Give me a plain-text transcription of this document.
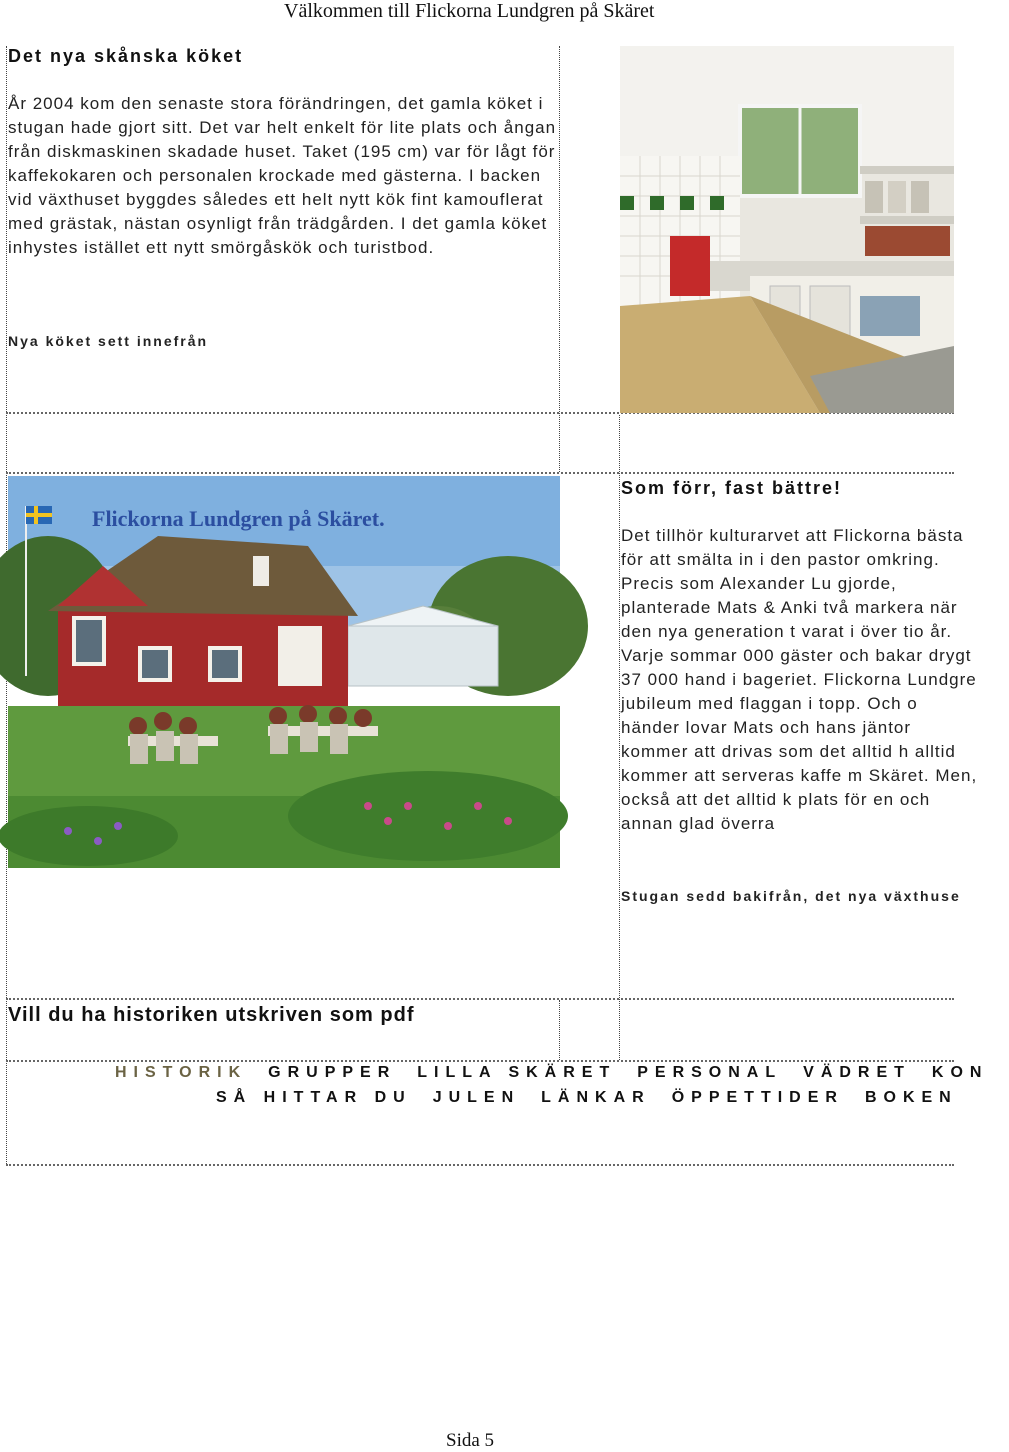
Välkommen till Flickorna Lundgren på Skäret
Det nya skånska köket
År 2004 kom den senaste stora förändringen, det gamla köket i stugan hade gjort sitt. Det var helt enkelt för lite plats och ångan från diskmaskinen skadade huset. Taket (195 cm) var för lågt för kaffekokaren och personalen krockade med gästerna. I backen vid växthuset byggdes således ett helt nytt kök fint kamouflerat med grästak, nästan osynligt från trädgården. I det gamla köket inhystes istället ett nytt smörgåskök och turistbod.
Nya köket sett innefrån
Flickorna Lundgren på Skäret.
Som förr, fast bättre!
Det tillhör kulturarvet att Flickorna bästa för att smälta in i den pastor omkring. Precis som Alexander Lu gjorde, planterade Mats & Anki två markera när den nya generation t varat i över tio år. Varje sommar 000 gäster och bakar drygt 37 000 hand i bageriet. Flickorna Lundgre jubileum med flaggan i topp. Och o händer lovar Mats och hans jäntor kommer att drivas som det alltid h alltid kommer att serveras kaffe m Skäret. Men, också att det alltid k plats för en och annan glad överra
Stugan sedd bakifrån, det nya växthuse
Vill du ha historiken utskriven som pdf
HISTORIK GRUPPER LILLA SKÄRET PERSONAL VÄDRET KON
SÅ HITTAR DU JULEN LÄNKAR ÖPPETTIDER BOKEN
Sida 5
